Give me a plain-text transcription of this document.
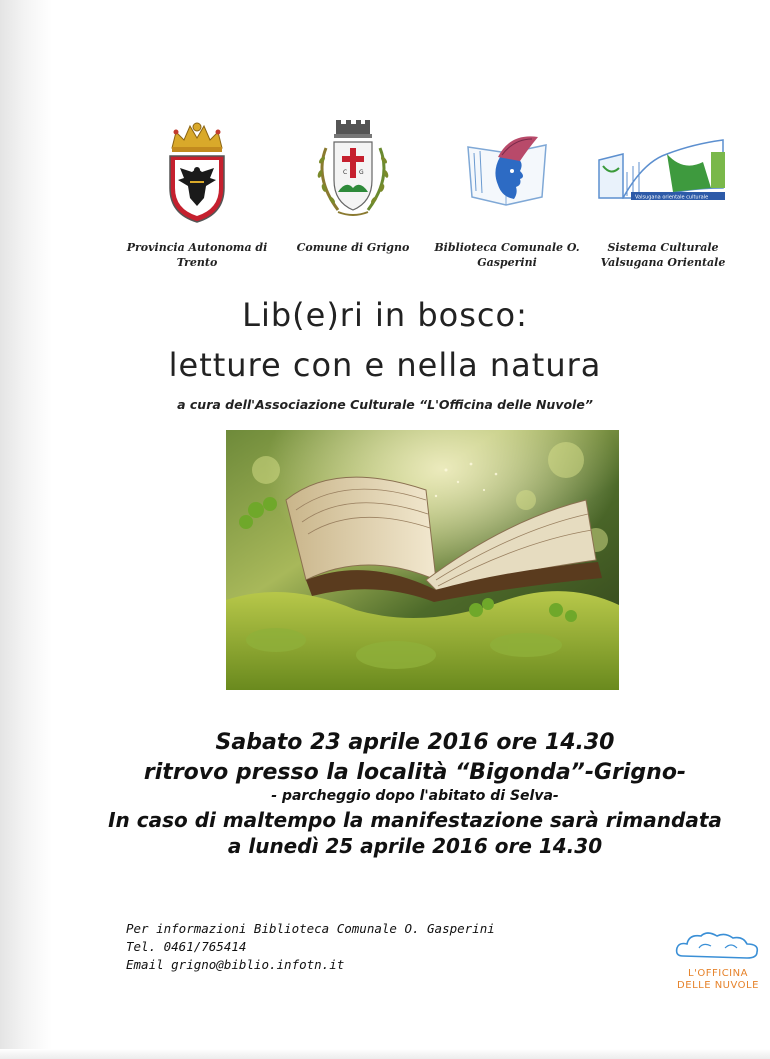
Provincia Autonoma di
Trento
C G
Comune di Grigno	Biblioteca Comunale O.
Gasperini
Valsugana orientale culturale
Sistema Culturale
Valsugana Orientale
Lib(e)ri in bosco:
letture con e nella natura
a cura dell'Associazione Culturale “L'Officina delle Nuvole”
Sabato 23 aprile 2016 ore 14.30
ritrovo presso la località “Bigonda”-Grigno-
- parcheggio dopo l'abitato di Selva-
In caso di maltempo la manifestazione sarà rimandata
a lunedì 25 aprile 2016 ore 14.30
Per informazioni Biblioteca Comunale O. Gasperini
Tel. 0461/765414
Email grigno@biblio.infotn.it
L'OFFICINA
DELLE NUVOLE
